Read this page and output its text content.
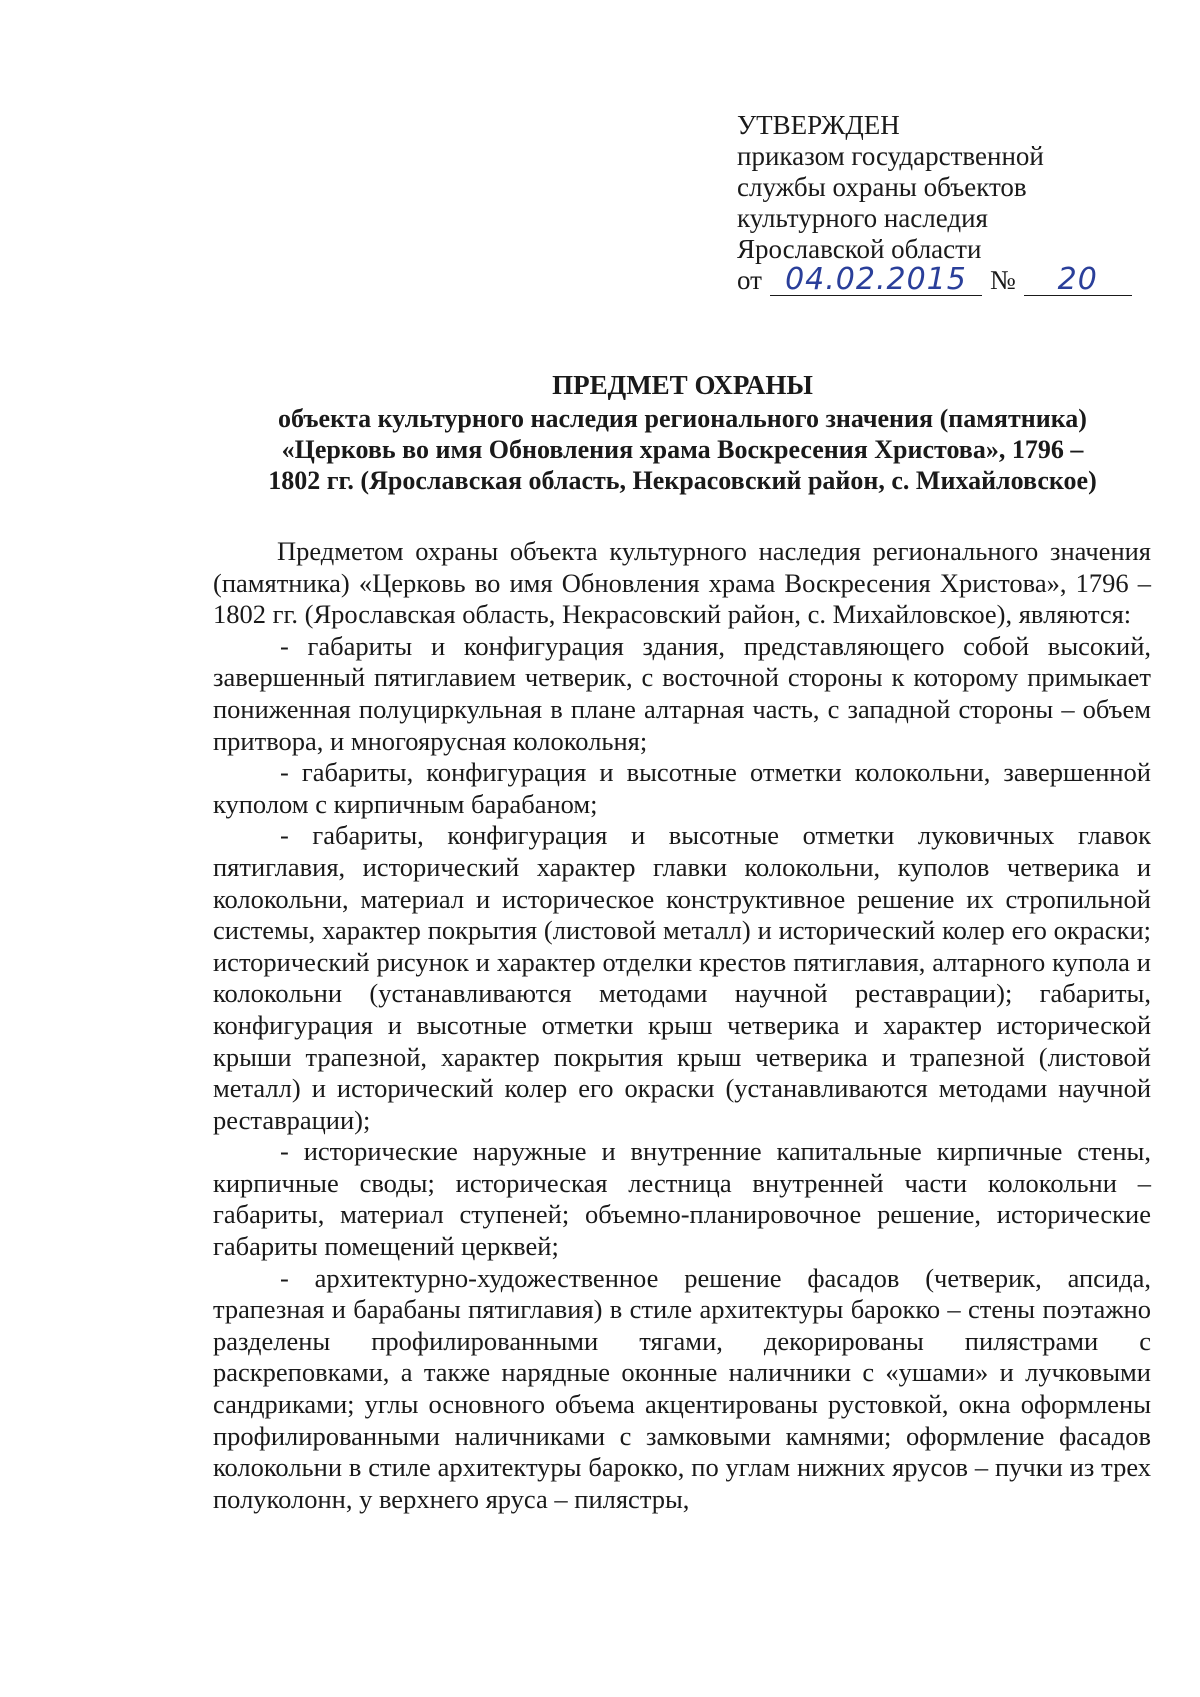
УТВЕРЖДЕН
приказом государственной
службы охраны объектов
культурного наследия
Ярославской области
от 04.02.2015 №	20
ПРЕДМЕТ ОХРАНЫ
объекта культурного наследия регионального значения (памятника)
«Церковь во имя Обновления храма Воскресения Христова», 1796 –
1802 гг. (Ярославская область, Некрасовский район, с. Михайловское)

Предметом охраны объекта культурного наследия регионального значения (памятника) «Церковь во имя Обновления храма Воскресения Христова», 1796 – 1802 гг. (Ярославская область, Некрасовский район, с. Михайловское), являются:

- габариты и конфигурация здания, представляющего собой высокий, завершенный пятиглавием четверик, с восточной стороны к которому примыкает пониженная полуциркульная в плане алтарная часть, с западной стороны – объем притвора, и многоярусная колокольня;

- габариты, конфигурация и высотные отметки колокольни, завершенной куполом с кирпичным барабаном;

- габариты, конфигурация и высотные отметки луковичных главок пятиглавия, исторический характер главки колокольни, куполов четверика и колокольни, материал и историческое конструктивное решение их стропильной системы, характер покрытия (листовой металл) и исторический колер его окраски; исторический рисунок и характер отделки крестов пятиглавия, алтарного купола и колокольни (устанавливаются методами научной реставрации); габариты, конфигурация и высотные отметки крыш четверика и характер исторической крыши трапезной, характер покрытия крыш четверика и трапезной (листовой металл) и исторический колер его окраски (устанавливаются методами научной реставрации);

- исторические наружные и внутренние капитальные кирпичные стены, кирпичные своды; историческая лестница внутренней части колокольни – габариты, материал ступеней; объемно-планировочное решение, исторические габариты помещений церквей;

- архитектурно-художественное решение фасадов (четверик, апсида, трапезная и барабаны пятиглавия) в стиле архитектуры барокко – стены поэтажно разделены профилированными тягами, декорированы пилястрами с раскреповками, а также нарядные оконные наличники с «ушами» и лучковыми сандриками; углы основного объема акцентированы рустовкой, окна оформлены профилированными наличниками с замковыми камнями; оформление фасадов колокольни в стиле архитектуры барокко, по углам нижних ярусов – пучки из трех полуколонн, у верхнего яруса – пилястры,
